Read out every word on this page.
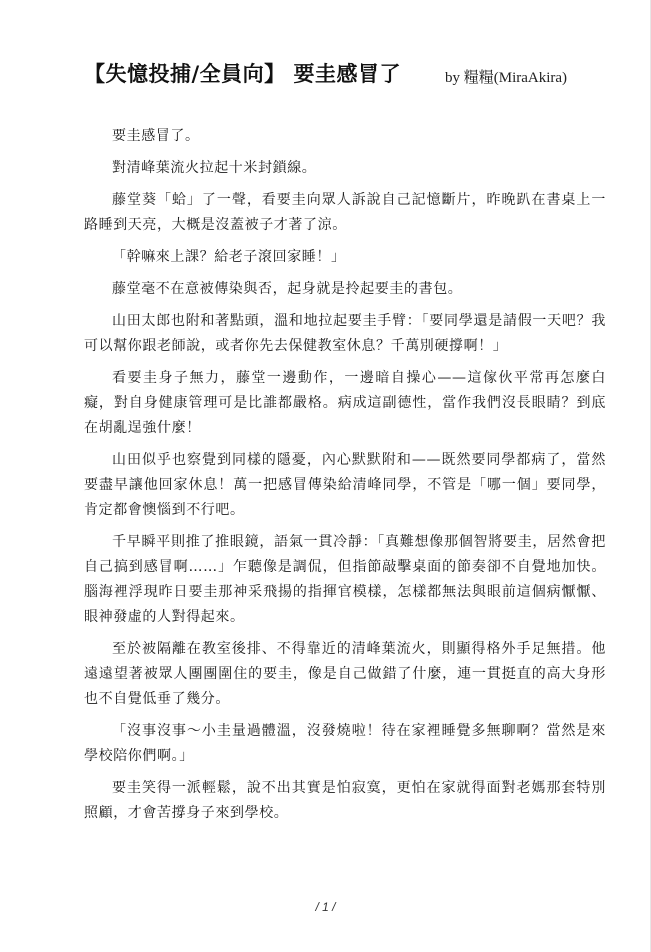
【失憶投捕/全員向】 要圭感冒了	by 糧糧(MiraAkira)

要圭感冒了。

對清峰葉流火拉起十米封鎖線。

藤堂葵「蛤」了一聲，看要圭向眾人訴說自己記憶斷片，昨晚趴在書桌上一路睡到天亮，大概是沒蓋被子才著了涼。

「幹嘛來上課？給老子滾回家睡！」

藤堂毫不在意被傳染與否，起身就是拎起要圭的書包。

山田太郎也附和著點頭，溫和地拉起要圭手臂：「要同學還是請假一天吧？我可以幫你跟老師說，或者你先去保健教室休息？千萬別硬撐啊！」

看要圭身子無力，藤堂一邊動作，一邊暗自操心——這傢伙平常再怎麼白癡，對自身健康管理可是比誰都嚴格。病成這副德性，當作我們沒長眼睛？到底在胡亂逞強什麼！

山田似乎也察覺到同樣的隱憂，內心默默附和——既然要同學都病了，當然要盡早讓他回家休息！萬一把感冒傳染給清峰同學，不管是「哪一個」要同學，肯定都會懊惱到不行吧。

千早瞬平則推了推眼鏡，語氣一貫冷靜：「真難想像那個智將要圭，居然會把自己搞到感冒啊……」乍聽像是調侃，但指節敲擊桌面的節奏卻不自覺地加快。腦海裡浮現昨日要圭那神采飛揚的指揮官模樣，怎樣都無法與眼前這個病懨懨、眼神發虛的人對得起來。

至於被隔離在教室後排、不得靠近的清峰葉流火，則顯得格外手足無措。他遠遠望著被眾人團團圍住的要圭，像是自己做錯了什麼，連一貫挺直的高大身形也不自覺低垂了幾分。

「沒事沒事～小圭量過體溫，沒發燒啦！待在家裡睡覺多無聊啊？當然是來學校陪你們啊。」

要圭笑得一派輕鬆，說不出其實是怕寂寞，更怕在家就得面對老媽那套特別照顧，才會苦撐身子來到學校。

/ 1 /
